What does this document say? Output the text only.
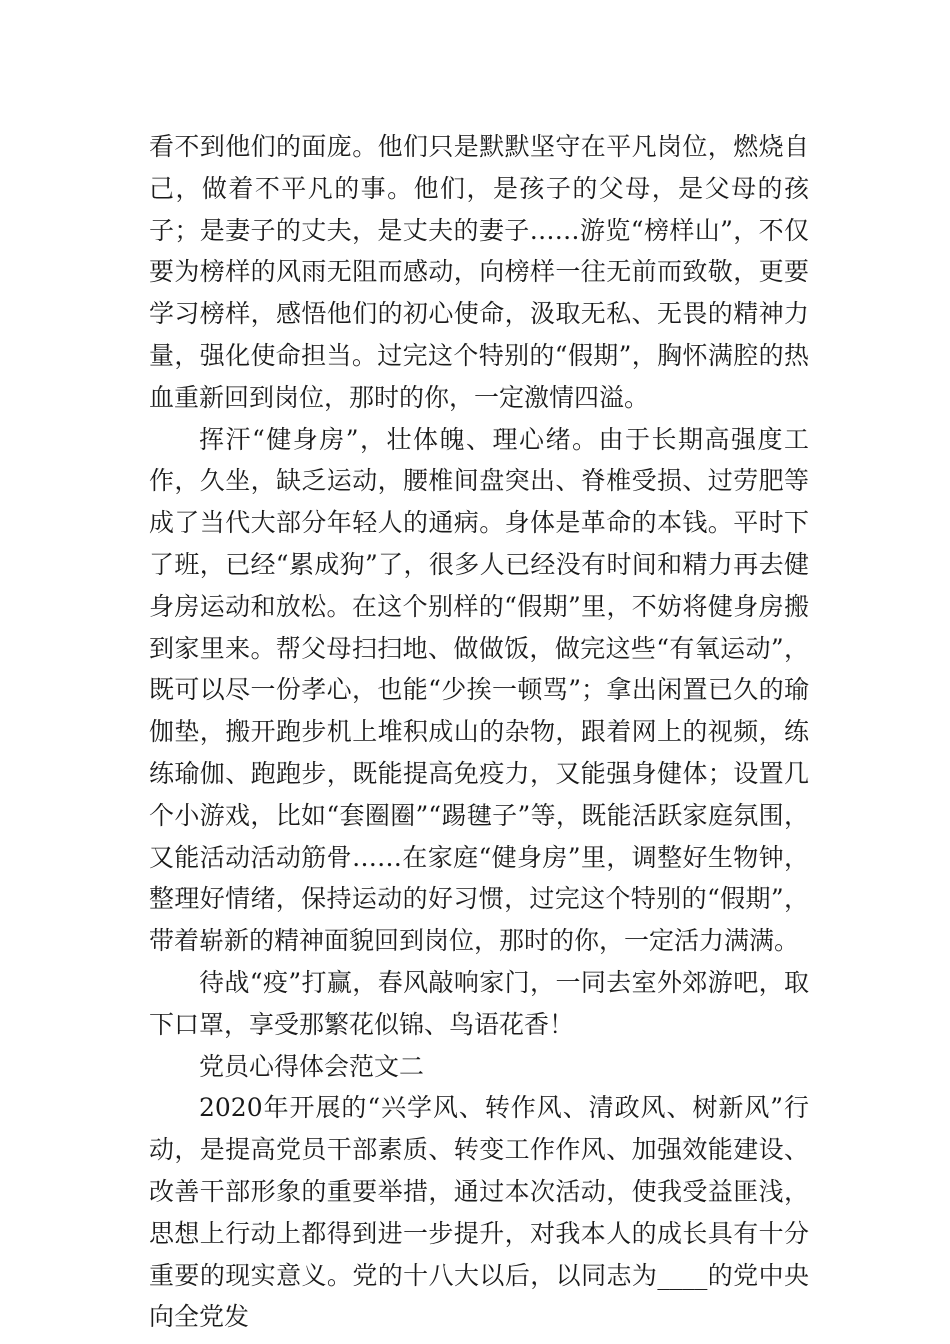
看不到他们的面庞。他们只是默默坚守在平凡岗位，燃烧自己，做着不平凡的事。他们，是孩子的父母，是父母的孩子；是妻子的丈夫，是丈夫的妻子……游览“榜样山”，不仅要为榜样的风雨无阻而感动，向榜样一往无前而致敬，更要学习榜样，感悟他们的初心使命，汲取无私、无畏的精神力量，强化使命担当。过完这个特别的“假期”，胸怀满腔的热血重新回到岗位，那时的你，一定激情四溢。

挥汗“健身房”，壮体魄、理心绪。由于长期高强度工作，久坐，缺乏运动，腰椎间盘突出、脊椎受损、过劳肥等成了当代大部分年轻人的通病。身体是革命的本钱。平时下了班，已经“累成狗”了，很多人已经没有时间和精力再去健身房运动和放松。在这个别样的“假期”里，不妨将健身房搬到家里来。帮父母扫扫地、做做饭，做完这些“有氧运动”，既可以尽一份孝心，也能“少挨一顿骂”；拿出闲置已久的瑜伽垫，搬开跑步机上堆积成山的杂物，跟着网上的视频，练练瑜伽、跑跑步，既能提高免疫力，又能强身健体；设置几个小游戏，比如“套圈圈”“踢毽子”等，既能活跃家庭氛围，又能活动活动筋骨……在家庭“健身房”里，调整好生物钟，整理好情绪，保持运动的好习惯，过完这个特别的“假期”，带着崭新的精神面貌回到岗位，那时的你，一定活力满满。

待战“疫”打赢，春风敲响家门，一同去室外郊游吧，取下口罩，享受那繁花似锦、鸟语花香！

党员心得体会范文二

2020年开展的“兴学风、转作风、清政风、树新风”行动，是提高党员干部素质、转变工作作风、加强效能建设、改善干部形象的重要举措，通过本次活动，使我受益匪浅，思想上行动上都得到进一步提升，对我本人的成长具有十分重要的现实意义。党的十八大以后，以同志为____的党中央向全党发
